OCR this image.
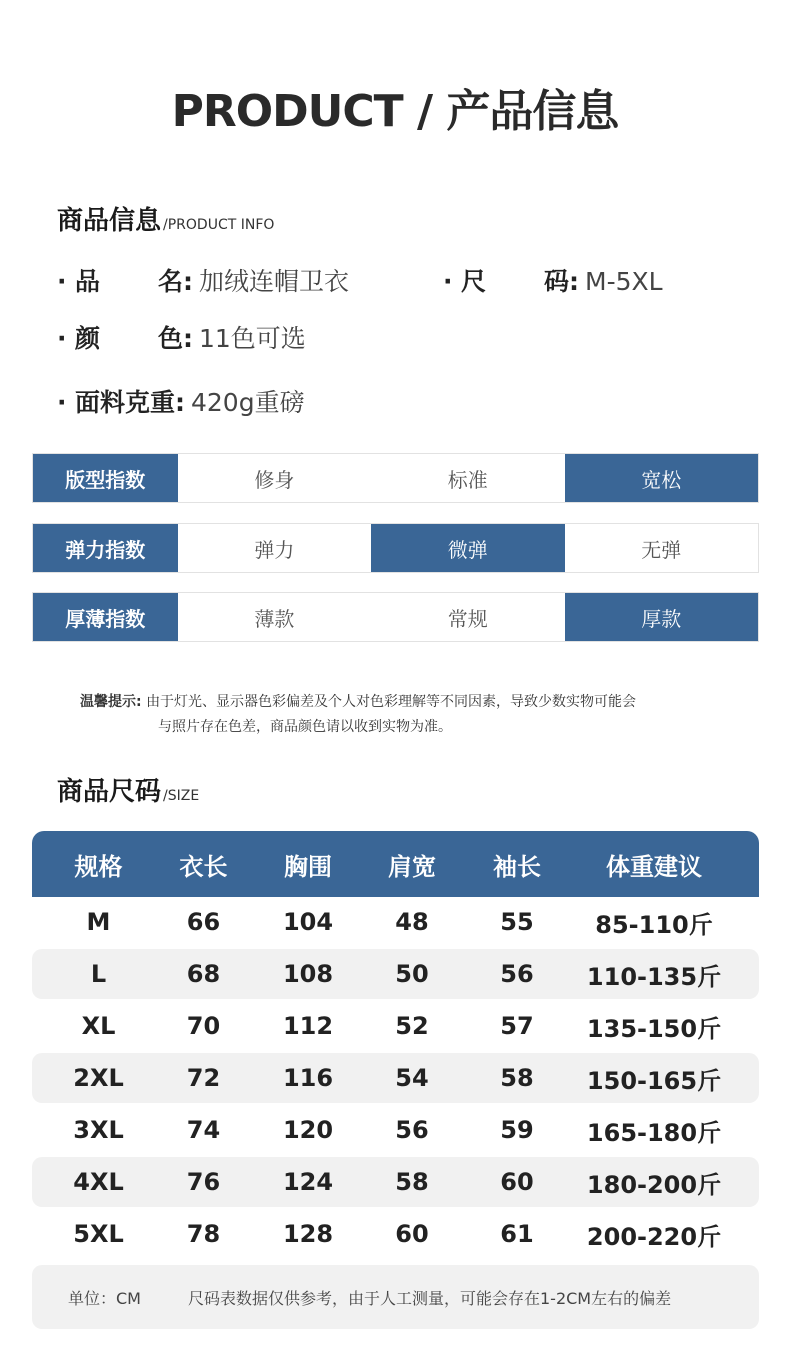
PRODUCT / 产品信息
商品信息 /PRODUCT INFO
· 品 名: 加绒连帽卫衣	· 尺 码: M-5XL
· 颜 色: 11色可选
· 面料克重: 420g重磅
版型指数	修身	标准	宽松
弹力指数	弹力	微弹	无弹
厚薄指数	薄款	常规	厚款
温馨提示: 由于灯光、显示器色彩偏差及个人对色彩理解等不同因素，导致少数实物可能会
与照片存在色差，商品颜色请以收到实物为准。
商品尺码 /SIZE
规格	衣长	胸围	肩宽	袖长	体重建议
M	66	104	48	55	85-110斤
L	68	108	50	56	110-135斤
XL	70	112	52	57	135-150斤
2XL	72	116	54	58	150-165斤
3XL	74	120	56	59	165-180斤
4XL	76	124	58	60	180-200斤
5XL	78	128	60	61	200-220斤
单位：CM	尺码表数据仅供参考，由于人工测量，可能会存在1-2CM左右的偏差
